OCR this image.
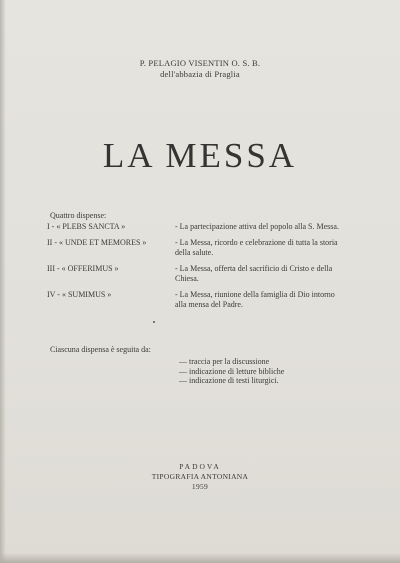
P. PELAGIO VISENTIN O. S. B.
dell'abbazia di Praglia
LA MESSA
Quattro dispense:
I - « PLEBS SANCTA »	- La partecipazione attiva del popolo alla S. Messa.
II - « UNDE ET MEMORES »	- La Messa, ricordo e celebrazione di tutta la storia della salute.
III - « OFFERIMUS »	- La Messa, offerta del sacrificio di Cristo e della Chiesa.
IV - « SUMIMUS »	- La Messa, riunione della famiglia di Dio intorno alla mensa del Padre.
Ciascuna dispensa è seguita da:
— traccia per la discussione
— indicazione di letture bibliche
— indicazione di testi liturgici.
PADOVA
TIPOGRAFIA ANTONIANA
1959
